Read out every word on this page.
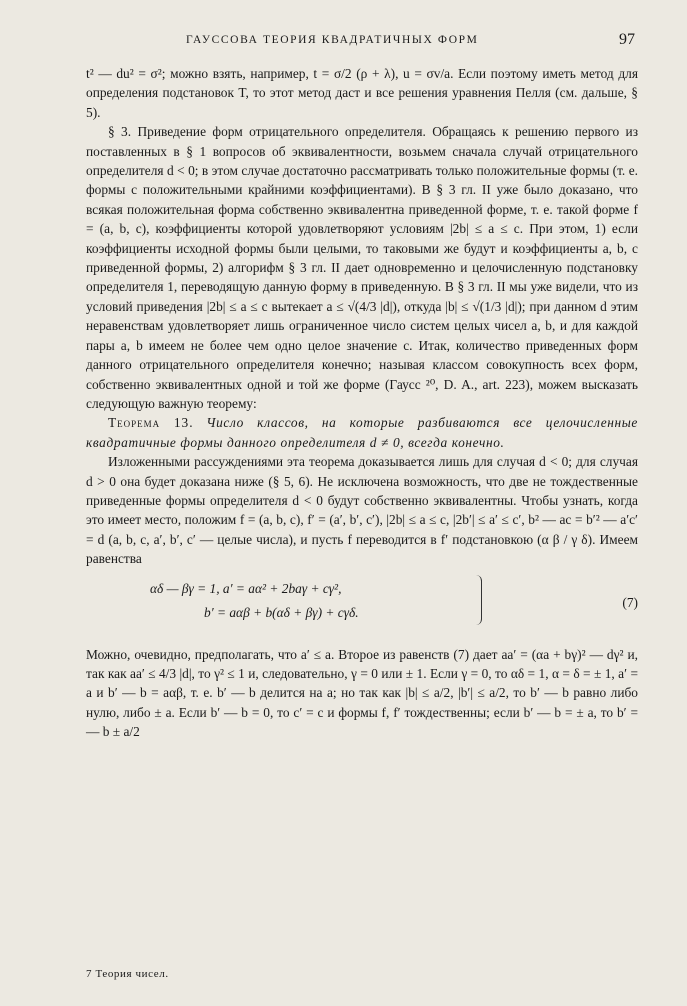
ГАУССОВА ТЕОРИЯ КВАДРАТИЧНЫХ ФОРМ	97

t² — du² = σ²; можно взять, например, t = σ/2 (ρ + λ), u = σv/a. Если поэтому иметь метод для определения подстановок T, то этот метод даст и все решения уравнения Пелля (см. дальше, § 5).

§ 3. Приведение форм отрицательного определителя. Обращаясь к решению первого из поставленных в § 1 вопросов об эквивалентности, возьмем сначала случай отрицательного определителя d < 0; в этом случае достаточно рассматривать только положительные формы (т. е. формы с положительными крайними коэффициентами). В § 3 гл. II уже было доказано, что всякая положительная форма собственно эквивалентна приведенной форме, т. е. такой форме f = (a, b, c), коэффициенты которой удовлетворяют условиям |2b| ≤ a ≤ c. При этом, 1) если коэффициенты исходной формы были целыми, то таковыми же будут и коэффициенты a, b, c приведенной формы, 2) алгорифм § 3 гл. II дает одновременно и целочисленную подстановку определителя 1, переводящую данную форму в приведенную. В § 3 гл. II мы уже видели, что из условий приведения |2b| ≤ a ≤ c вытекает a ≤ √(4/3 |d|), откуда |b| ≤ √(1/3 |d|); при данном d этим неравенствам удовлетворяет лишь ограниченное число систем целых чисел a, b, и для каждой пары a, b имеем не более чем одно целое значение c. Итак, количество приведенных форм данного отрицательного определителя конечно; называя классом совокупность всех форм, собственно эквивалентных одной и той же форме (Гаусс ²⁰, D. A., art. 223), можем высказать следующую важную теорему:

Теорема 13. Число классов, на которые разбиваются все целочисленные квадратичные формы данного определителя d ≠ 0, всегда конечно.

Изложенными рассуждениями эта теорема доказывается лишь для случая d < 0; для случая d > 0 она будет доказана ниже (§ 5, 6). Не исключена возможность, что две не тождественные приведенные формы определителя d < 0 будут собственно эквивалентны. Чтобы узнать, когда это имеет место, положим f = (a, b, c), f′ = (a′, b′, c′), |2b| ≤ a ≤ c, |2b′| ≤ a′ ≤ c′, b² — ac = b′² — a′c′ = d (a, b, c, a′, b′, c′ — целые числа), и пусть f переводится в f′ подстановкою (α β / γ δ). Имеем равенства

αδ — βγ = 1, a′ = aα² + 2baγ + cγ²,
b′ = aαβ + b(αδ + βγ) + cγδ.
(7)

Можно, очевидно, предполагать, что a′ ≤ a. Второе из равенств (7) дает aa′ = (αa + bγ)² — dγ² и, так как aa′ ≤ 4/3 |d|, то γ² ≤ 1 и, следовательно, γ = 0 или ± 1. Если γ = 0, то αδ = 1, α = δ = ± 1, a′ = a и b′ — b = aαβ, т. е. b′ — b делится на a; но так как |b| ≤ a/2, |b′| ≤ a/2, то b′ — b равно либо нулю, либо ± a. Если b′ — b = 0, то c′ = c и формы f, f′ тождественны; если b′ — b = ± a, то b′ = — b ± a/2

7 Теория чисел.
